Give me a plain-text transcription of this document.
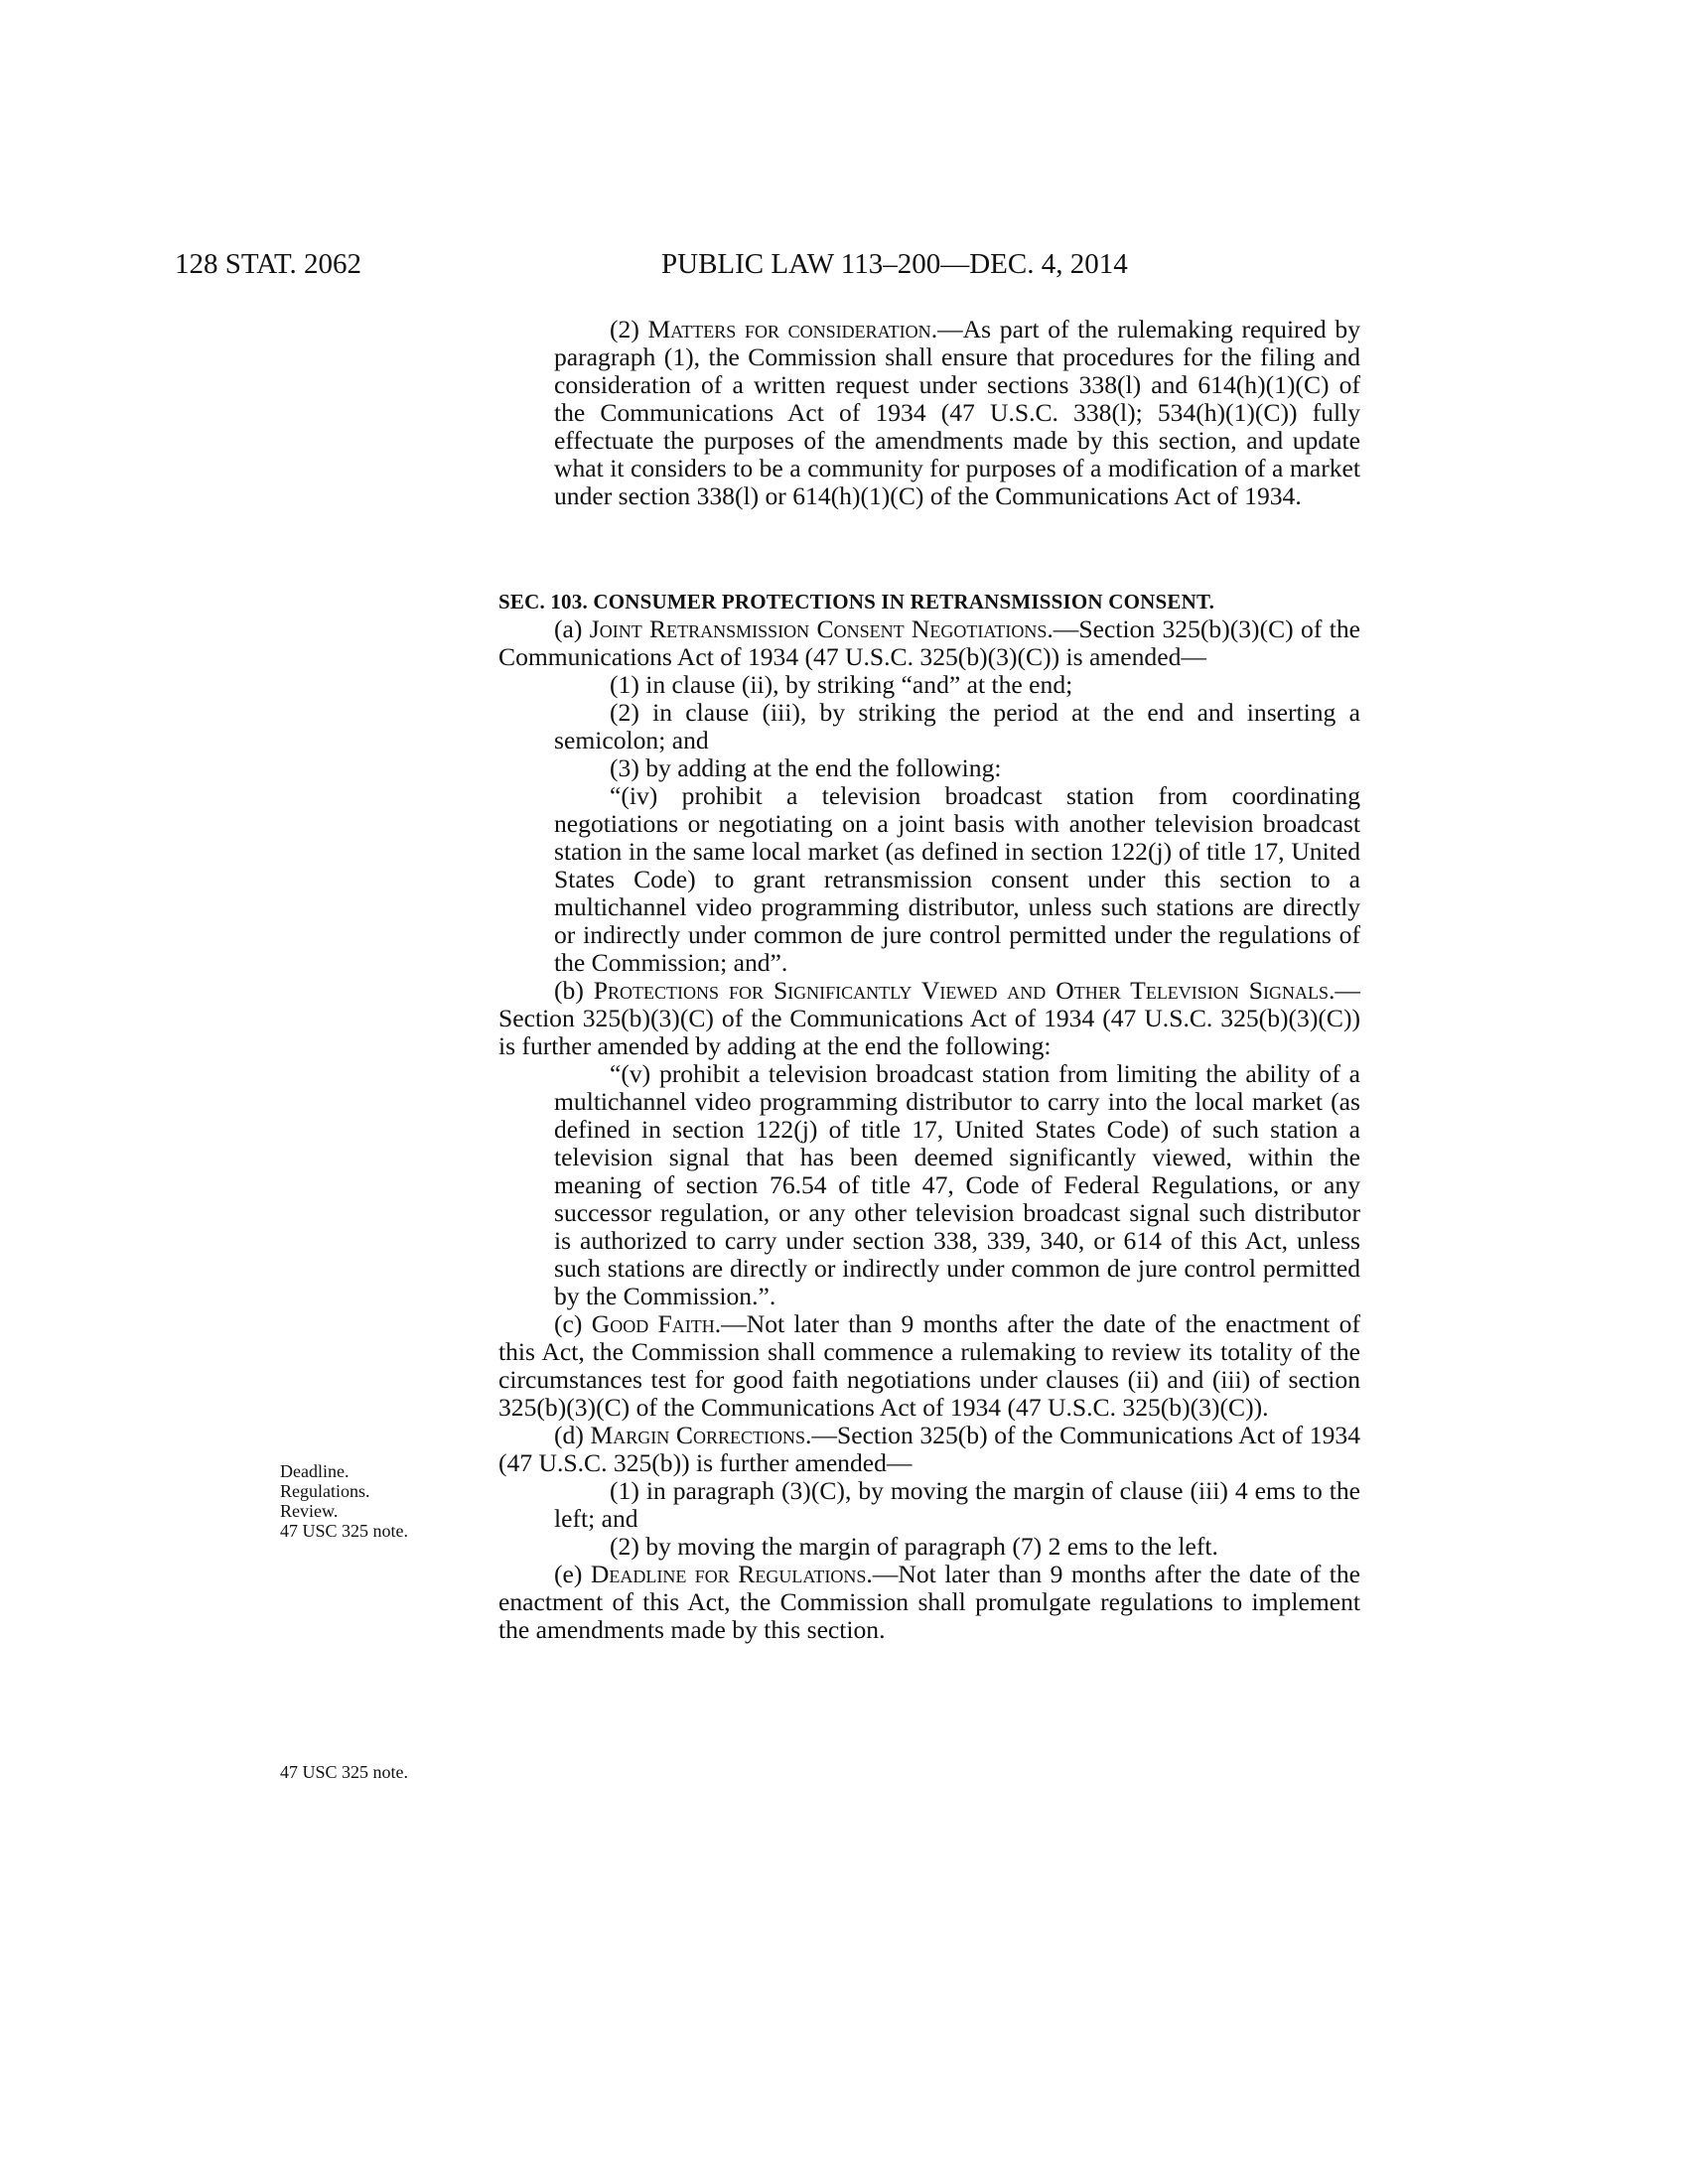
128 STAT. 2062	PUBLIC LAW 113–200—DEC. 4, 2014
Deadline.
Regulations.
Review.
47 USC 325 note.
47 USC 325 note.

(2) Matters for consideration.—As part of the rulemaking required by paragraph (1), the Commission shall ensure that procedures for the filing and consideration of a written request under sections 338(l) and 614(h)(1)(C) of the Communications Act of 1934 (47 U.S.C. 338(l); 534(h)(1)(C)) fully effectuate the purposes of the amendments made by this section, and update what it considers to be a community for purposes of a modification of a market under section 338(l) or 614(h)(1)(C) of the Communications Act of 1934.

SEC. 103. CONSUMER PROTECTIONS IN RETRANSMISSION CONSENT.

(a) Joint Retransmission Consent Negotiations.—Section 325(b)(3)(C) of the Communications Act of 1934 (47 U.S.C. 325(b)(3)(C)) is amended—

(1) in clause (ii), by striking “and” at the end;

(2) in clause (iii), by striking the period at the end and inserting a semicolon; and

(3) by adding at the end the following:

“(iv) prohibit a television broadcast station from coordinating negotiations or negotiating on a joint basis with another television broadcast station in the same local market (as defined in section 122(j) of title 17, United States Code) to grant retransmission consent under this section to a multichannel video programming distributor, unless such stations are directly or indirectly under common de jure control permitted under the regulations of the Commission; and”.

(b) Protections for Significantly Viewed and Other Television Signals.—Section 325(b)(3)(C) of the Communications Act of 1934 (47 U.S.C. 325(b)(3)(C)) is further amended by adding at the end the following:

“(v) prohibit a television broadcast station from limiting the ability of a multichannel video programming distributor to carry into the local market (as defined in section 122(j) of title 17, United States Code) of such station a television signal that has been deemed significantly viewed, within the meaning of section 76.54 of title 47, Code of Federal Regulations, or any successor regulation, or any other television broadcast signal such distributor is authorized to carry under section 338, 339, 340, or 614 of this Act, unless such stations are directly or indirectly under common de jure control permitted by the Commission.”.

(c) Good Faith.—Not later than 9 months after the date of the enactment of this Act, the Commission shall commence a rulemaking to review its totality of the circumstances test for good faith negotiations under clauses (ii) and (iii) of section 325(b)(3)(C) of the Communications Act of 1934 (47 U.S.C. 325(b)(3)(C)).

(d) Margin Corrections.—Section 325(b) of the Communications Act of 1934 (47 U.S.C. 325(b)) is further amended—

(1) in paragraph (3)(C), by moving the margin of clause (iii) 4 ems to the left; and

(2) by moving the margin of paragraph (7) 2 ems to the left.

(e) Deadline for Regulations.—Not later than 9 months after the date of the enactment of this Act, the Commission shall promulgate regulations to implement the amendments made by this section.
